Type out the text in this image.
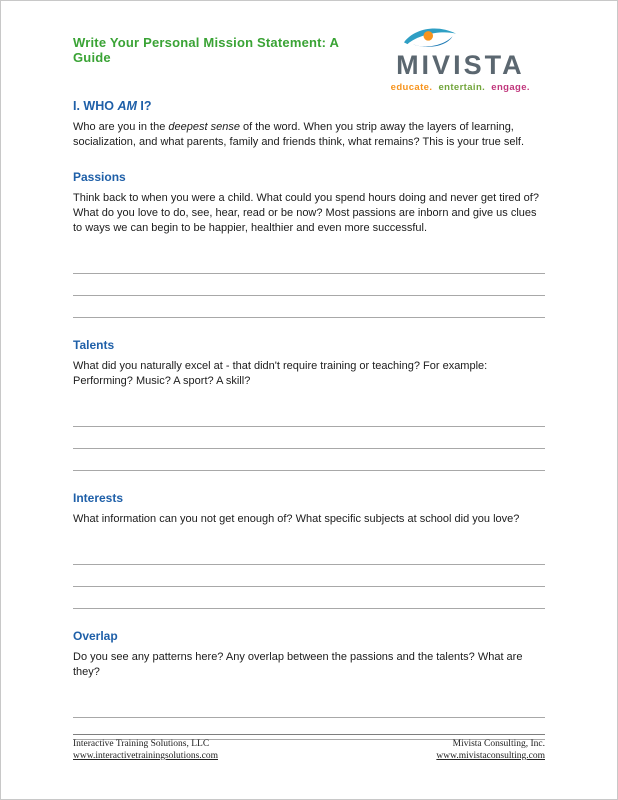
Write Your Personal Mission Statement: A Guide	MIVISTA
educate. entertain. engage.
I. WHO AM I?

Who are you in the deepest sense of the word. When you strip away the layers of learning, socialization, and what parents, family and friends think, what remains? This is your true self.

Passions

Think back to when you were a child. What could you spend hours doing and never get tired of? What do you love to do, see, hear, read or be now? Most passions are inborn and give us clues to ways we can begin to be happier, healthier and even more successful.

Talents

What did you naturally excel at - that didn't require training or teaching? For example: Performing? Music? A sport? A skill?

Interests

What information can you not get enough of? What specific subjects at school did you love?

Overlap

Do you see any patterns here? Any overlap between the passions and the talents? What are they?

Interactive Training Solutions, LLC
www.interactivetrainingsolutions.com
Mivista Consulting, Inc.
www.mivistaconsulting.com
